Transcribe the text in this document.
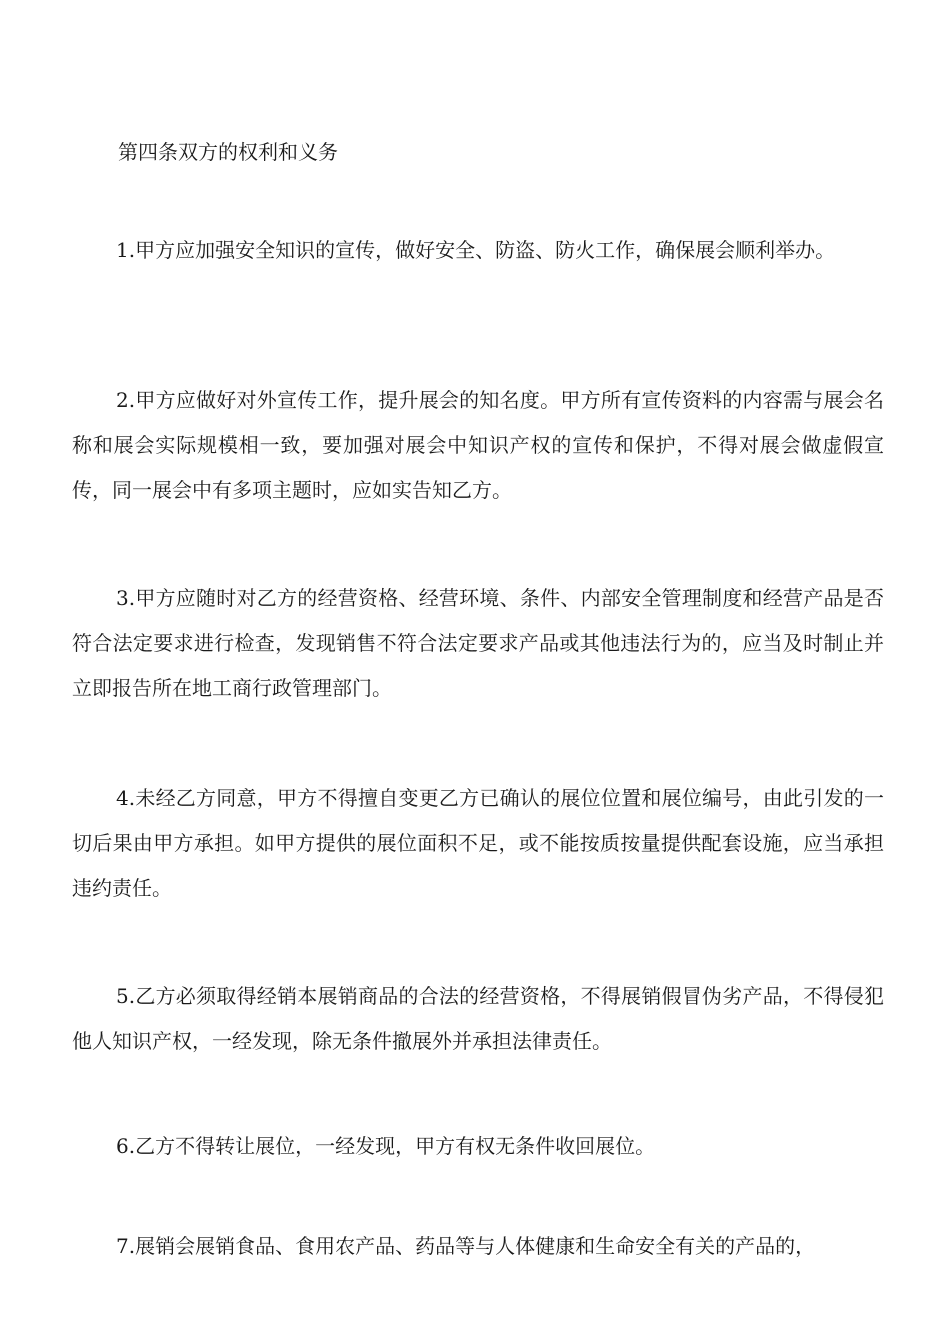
第四条双方的权利和义务

1.甲方应加强安全知识的宣传，做好安全、防盗、防火工作，确保展会顺利举办。

2.甲方应做好对外宣传工作，提升展会的知名度。甲方所有宣传资料的内容需与展会名称和展会实际规模相一致，要加强对展会中知识产权的宣传和保护，不得对展会做虚假宣传，同一展会中有多项主题时，应如实告知乙方。

3.甲方应随时对乙方的经营资格、经营环境、条件、内部安全管理制度和经营产品是否符合法定要求进行检查，发现销售不符合法定要求产品或其他违法行为的，应当及时制止并立即报告所在地工商行政管理部门。

4.未经乙方同意，甲方不得擅自变更乙方已确认的展位位置和展位编号，由此引发的一切后果由甲方承担。如甲方提供的展位面积不足，或不能按质按量提供配套设施，应当承担违约责任。

5.乙方必须取得经销本展销商品的合法的经营资格，不得展销假冒伪劣产品，不得侵犯他人知识产权，一经发现，除无条件撤展外并承担法律责任。

6.乙方不得转让展位，一经发现，甲方有权无条件收回展位。

7.展销会展销食品、食用农产品、药品等与人体健康和生命安全有关的产品的，
